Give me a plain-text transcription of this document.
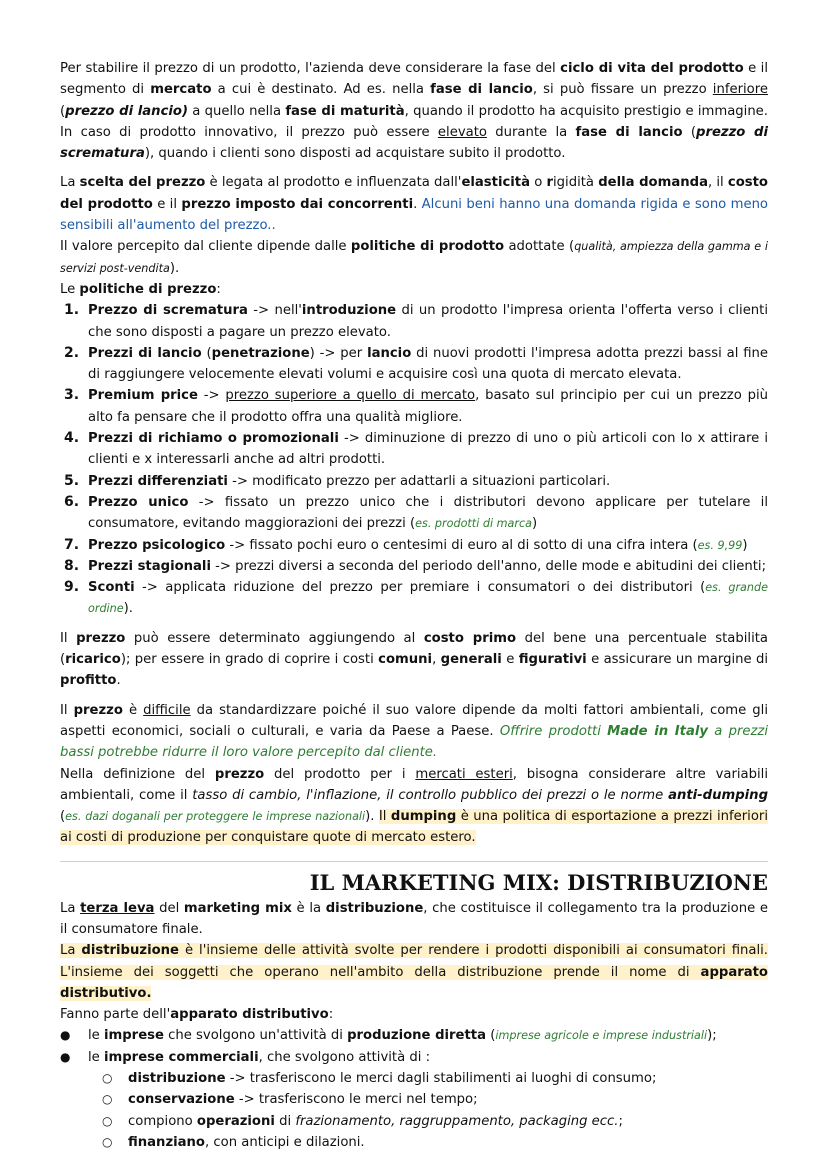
Per stabilire il prezzo di un prodotto, l'azienda deve considerare la fase del ciclo di vita del prodotto e il segmento di mercato a cui è destinato. Ad es. nella fase di lancio, si può fissare un prezzo inferiore (prezzo di lancio) a quello nella fase di maturità, quando il prodotto ha acquisito prestigio e immagine. In caso di prodotto innovativo, il prezzo può essere elevato durante la fase di lancio (prezzo di scrematura), quando i clienti sono disposti ad acquistare subito il prodotto.

La scelta del prezzo è legata al prodotto e influenzata dall'elasticità o rigidità della domanda, il costo del prodotto e il prezzo imposto dai concorrenti. Alcuni beni hanno una domanda rigida e sono meno sensibili all'aumento del prezzo..

Il valore percepito dal cliente dipende dalle politiche di prodotto adottate (qualità, ampiezza della gamma e i servizi post-vendita).

Le politiche di prezzo:

1. Prezzo di scrematura -> nell'introduzione di un prodotto l'impresa orienta l'offerta verso i clienti che sono disposti a pagare un prezzo elevato.
2. Prezzi di lancio (penetrazione) -> per lancio di nuovi prodotti l'impresa adotta prezzi bassi al fine di raggiungere velocemente elevati volumi e acquisire così una quota di mercato elevata.
3. Premium price -> prezzo superiore a quello di mercato, basato sul principio per cui un prezzo più alto fa pensare che il prodotto offra una qualità migliore.
4. Prezzi di richiamo o promozionali -> diminuzione di prezzo di uno o più articoli con lo x attirare i clienti e x interessarli anche ad altri prodotti.
5. Prezzi differenziati -> modificato prezzo per adattarli a situazioni particolari.
6. Prezzo unico -> fissato un prezzo unico che i distributori devono applicare per tutelare il consumatore, evitando maggiorazioni dei prezzi (es. prodotti di marca)
7. Prezzo psicologico -> fissato pochi euro o centesimi di euro al di sotto di una cifra intera (es. 9,99)
8. Prezzi stagionali -> prezzi diversi a seconda del periodo dell'anno, delle mode e abitudini dei clienti;
9. Sconti -> applicata riduzione del prezzo per premiare i consumatori o dei distributori (es. grande ordine).

Il prezzo può essere determinato aggiungendo al costo primo del bene una percentuale stabilita (ricarico); per essere in grado di coprire i costi comuni, generali e figurativi e assicurare un margine di profitto.

Il prezzo è difficile da standardizzare poiché il suo valore dipende da molti fattori ambientali, come gli aspetti economici, sociali o culturali, e varia da Paese a Paese. Offrire prodotti Made in Italy a prezzi bassi potrebbe ridurre il loro valore percepito dal cliente.

Nella definizione del prezzo del prodotto per i mercati esteri, bisogna considerare altre variabili ambientali, come il tasso di cambio, l'inflazione, il controllo pubblico dei prezzi o le norme anti-dumping (es. dazi doganali per proteggere le imprese nazionali). Il dumping è una politica di esportazione a prezzi inferiori ai costi di produzione per conquistare quote di mercato estero.

IL MARKETING MIX: DISTRIBUZIONE

La terza leva del marketing mix è la distribuzione, che costituisce il collegamento tra la produzione e il consumatore finale.

La distribuzione è l'insieme delle attività svolte per rendere i prodotti disponibili ai consumatori finali. L'insieme dei soggetti che operano nell'ambito della distribuzione prende il nome di apparato distributivo.

Fanno parte dell'apparato distributivo:

● le imprese che svolgono un'attività di produzione diretta (imprese agricole e imprese industriali);
● le imprese commerciali, che svolgono attività di :
○ distribuzione -> trasferiscono le merci dagli stabilimenti ai luoghi di consumo;
○ conservazione -> trasferiscono le merci nel tempo;
○ compiono operazioni di frazionamento, raggruppamento, packaging ecc.;
○ finanziano, con anticipi e dilazioni.
